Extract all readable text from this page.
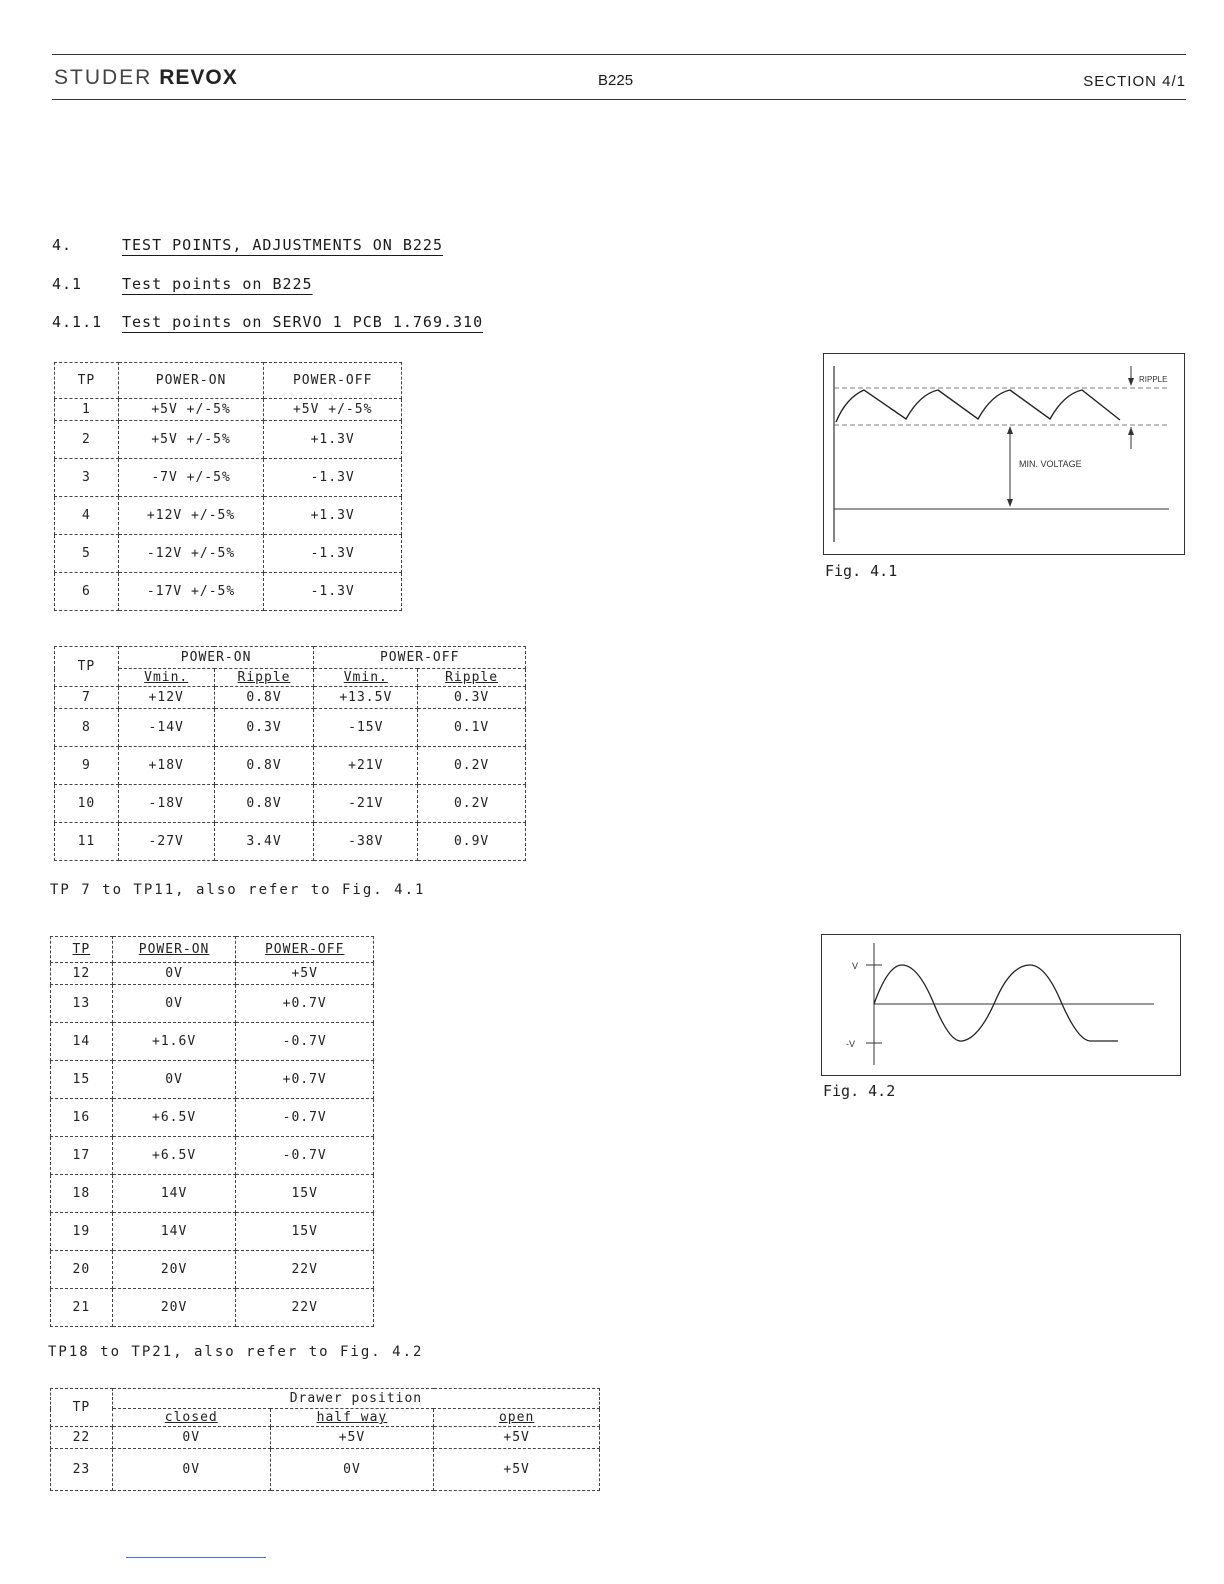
STUDER REVOX	B225	SECTION 4/1
4.	TEST POINTS, ADJUSTMENTS ON B225
4.1	Test points on B225
4.1.1 Test points on SERVO 1 PCB 1.769.310
TP	POWER-ON	POWER-OFF
1	+5V +/-5%	+5V +/-5%
2	+5V +/-5%	+1.3V
3	-7V +/-5%	-1.3V
4	+12V +/-5%	+1.3V
5	-12V +/-5%	-1.3V
6	-17V +/-5%	-1.3V
TP	POWER-ON		POWER-OFF	
	Vmin.	Ripple	Vmin.	Ripple
7	+12V	0.8V	+13.5V	0.3V
8	-14V	0.3V	-15V	0.1V
9	+18V	0.8V	+21V	0.2V
10	-18V	0.8V	-21V	0.2V
11	-27V	3.4V	-38V	0.9V
TP 7 to TP11, also refer to Fig. 4.1
TP	POWER-ON	POWER-OFF
12	0V	+5V
13	0V	+0.7V
14	+1.6V	-0.7V
15	0V	+0.7V
16	+6.5V	-0.7V
17	+6.5V	-0.7V
18	14V	15V
19	14V	15V
20	20V	22V
21	20V	22V
TP18 to TP21, also refer to Fig. 4.2
TP	Drawer position		
	closed	half way	open
22	0V	+5V	+5V
23	0V	0V	+5V
RIPPLE
MIN. VOLTAGE
Fig. 4.1
V
-V
Fig. 4.2
